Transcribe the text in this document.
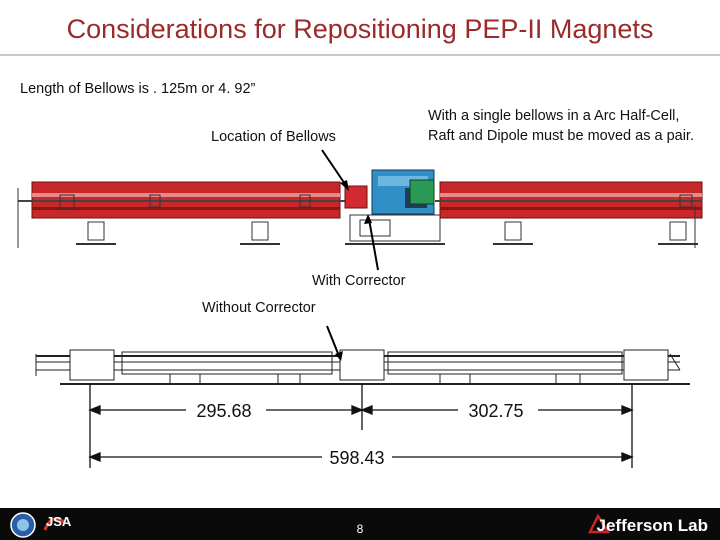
Considerations for Repositioning PEP-II Magnets
Length of Bellows is . 125m or 4. 92”
With a single bellows in a Arc Half-Cell, Raft and Dipole must be moved as a pair.
Location of Bellows
With Corrector
Without Corrector
295.68	302.75
598.43
JSA	8	Jefferson Lab
